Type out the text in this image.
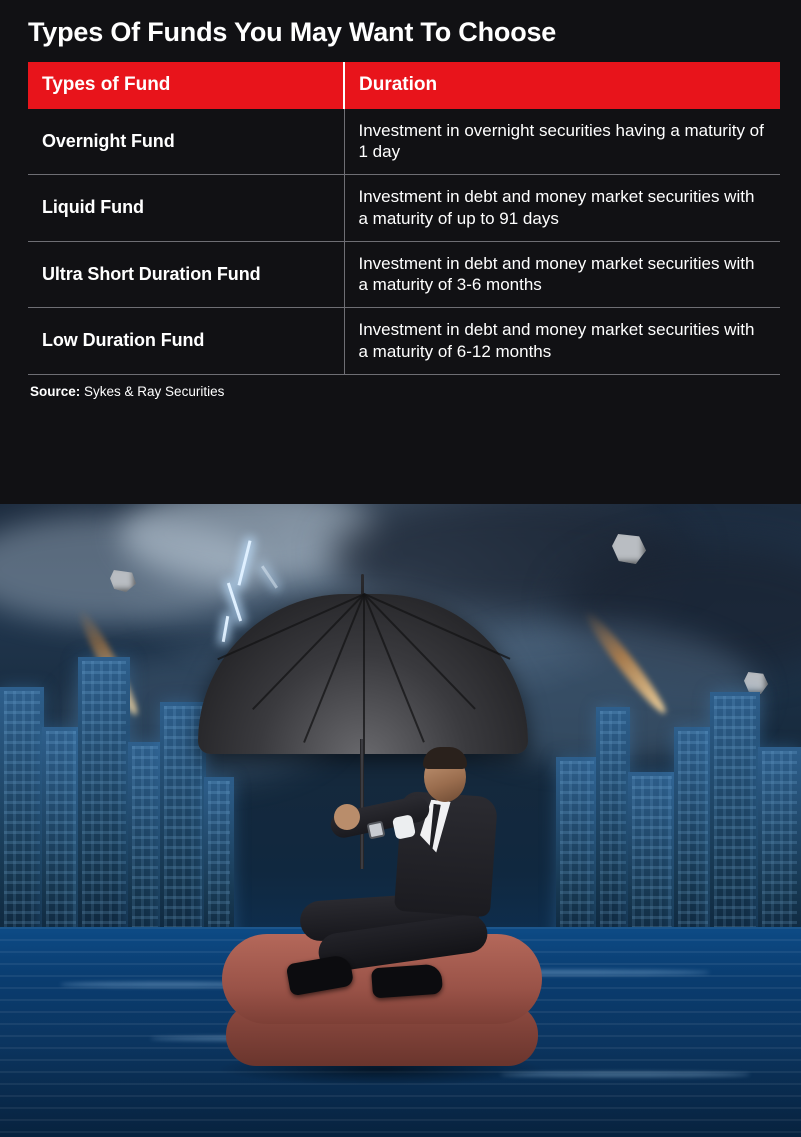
Types Of Funds You May Want To Choose
Types of Fund	Duration
Overnight Fund	Investment in overnight securities having a maturity of 1 day
Liquid Fund	Investment in debt and money market securities with a maturity of up to 91 days
Ultra Short Duration Fund	Investment in debt and money market securities with a maturity of 3-6 months
Low Duration Fund	Investment in debt and money market securities with a maturity of 6-12 months
Source: Sykes & Ray Securities
